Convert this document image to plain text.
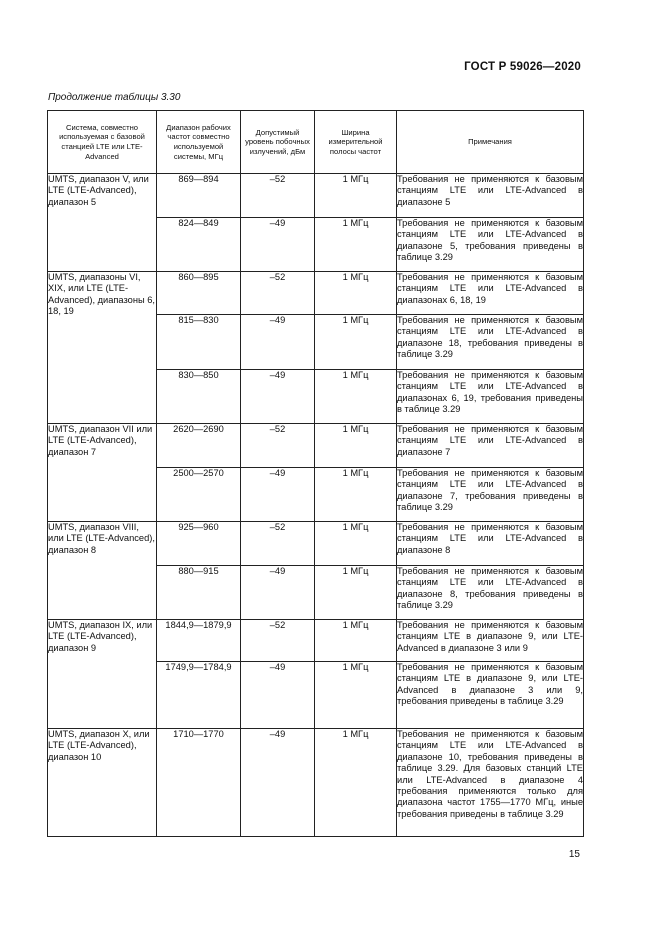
ГОСТ Р 59026—2020
Продолжение таблицы 3.30
Система, совместно используемая с базовой станцией LTE или LTE-Advanced	Диапазон рабочих частот совместно используемой системы, МГц	Допустимый уровень побочных излучений, дБм	Ширина измерительной полосы частот	Примечания
UMTS, диапазон V, или LTE (LTE-Advanced), диапазон 5	869—894	–52	1 МГц	Требования не применяются к базовым станциям LTE или LTE-Advanced в диапазоне 5
	824—849	–49	1 МГц	Требования не применяются к базовым станциям LTE или LTE-Advanced в диапазоне 5, требования приведены в таблице 3.29
UMTS, диапазоны VI, XIX, или LTE (LTE-Advanced), диапазоны 6, 18, 19	860—895	–52	1 МГц	Требования не применяются к базовым станциям LTE или LTE-Advanced в диапазонах 6, 18, 19
	815—830	–49	1 МГц	Требования не применяются к базовым станциям LTE или LTE-Advanced в диапазоне 18, требования приведены в таблице 3.29
	830—850	–49	1 МГц	Требования не применяются к базовым станциям LTE или LTE-Advanced в диапазонах 6, 19, требования приведены в таблице 3.29
UMTS, диапазон VII или LTE (LTE-Advanced), диапазон 7	2620—2690	–52	1 МГц	Требования не применяются к базовым станциям LTE или LTE-Advanced в диапазоне 7
	2500—2570	–49	1 МГц	Требования не применяются к базовым станциям LTE или LTE-Advanced в диапазоне 7, требования приведены в таблице 3.29
UMTS, диапазон VIII, или LTE (LTE-Advanced), диапазон 8	925—960	–52	1 МГц	Требования не применяются к базовым станциям LTE или LTE-Advanced в диапазоне 8
	880—915	–49	1 МГц	Требования не применяются к базовым станциям LTE или LTE-Advanced в диапазоне 8, требования приведены в таблице 3.29
UMTS, диапазон IX, или LTE (LTE-Advanced), диапазон 9	1844,9—1879,9	–52	1 МГц	Требования не применяются к базовым станциям LTE в диапазоне 9, или LTE-Advanced в диапазоне 3 или 9
	1749,9—1784,9	–49	1 МГц	Требования не применяются к базовым станциям LTE в диапазоне 9, или LTE-Advanced в диапазоне 3 или 9, требования приведены в таблице 3.29
UMTS, диапазон X, или LTE (LTE-Advanced), диапазон 10	1710—1770	–49	1 МГц	Требования не применяются к базовым станциям LTE или LTE-Advanced в диапазоне 10, требования приведены в таблице 3.29. Для базовых станций LTE или LTE-Advanced в диапазоне 4 требования применяются только для диапазона частот 1755—1770 МГц, иные требования приведены в таблице 3.29
15
